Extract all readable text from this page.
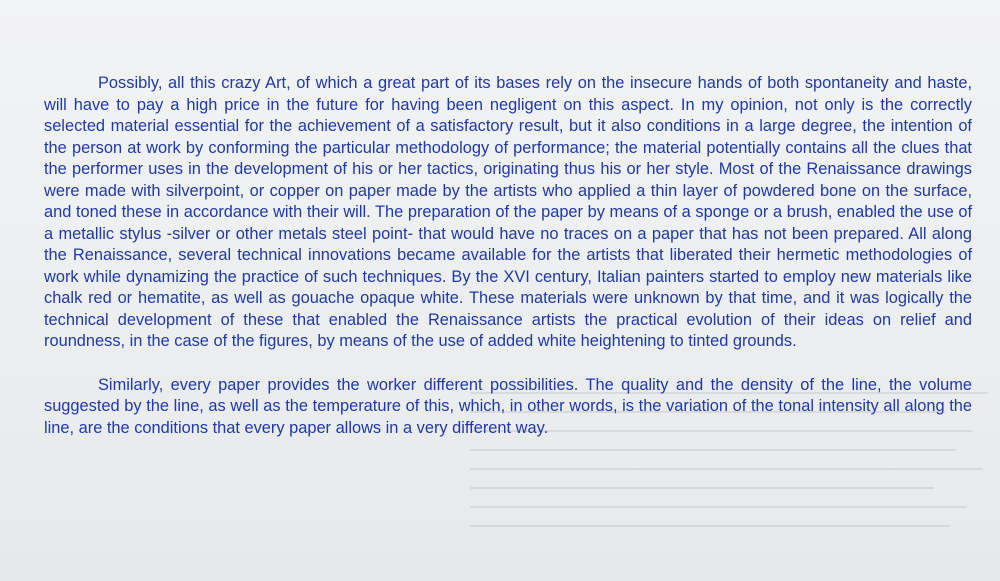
Possibly, all this crazy Art, of which a great part of its bases rely on the insecure hands of both spontaneity and haste, will have to pay a high price in the future for having been negligent on this aspect. In my opinion, not only is the correctly selected material essential for the achievement of a satisfactory result, but it also conditions in a large degree, the intention of the person at work by conforming the particular methodology of performance; the material potentially contains all the clues that the performer uses in the development of his or her tactics, originating thus his or her style. Most of the Renaissance drawings were made with silverpoint, or copper on paper made by the artists who applied a thin layer of powdered bone on the surface, and toned these in accordance with their will. The preparation of the paper by means of a sponge or a brush, enabled the use of a metallic stylus -silver or other metals steel point- that would have no traces on a paper that has not been prepared. All along the Renaissance, several technical innovations became available for the artists that liberated their hermetic methodologies of work while dynamizing the practice of such techniques. By the XVI century, Italian painters started to employ new materials like chalk red or hematite, as well as gouache opaque white. These materials were unknown by that time, and it was logically the technical development of these that enabled the Renaissance artists the practical evolution of their ideas on relief and roundness, in the case of the figures, by means of the use of added white heightening to tinted grounds.

Similarly, every paper provides the worker different possibilities. The quality and the density of the line, the volume suggested by the line, as well as the temperature of this, which, in other words, is the variation of the tonal intensity all along the line, are the conditions that every paper allows in a very different way.
